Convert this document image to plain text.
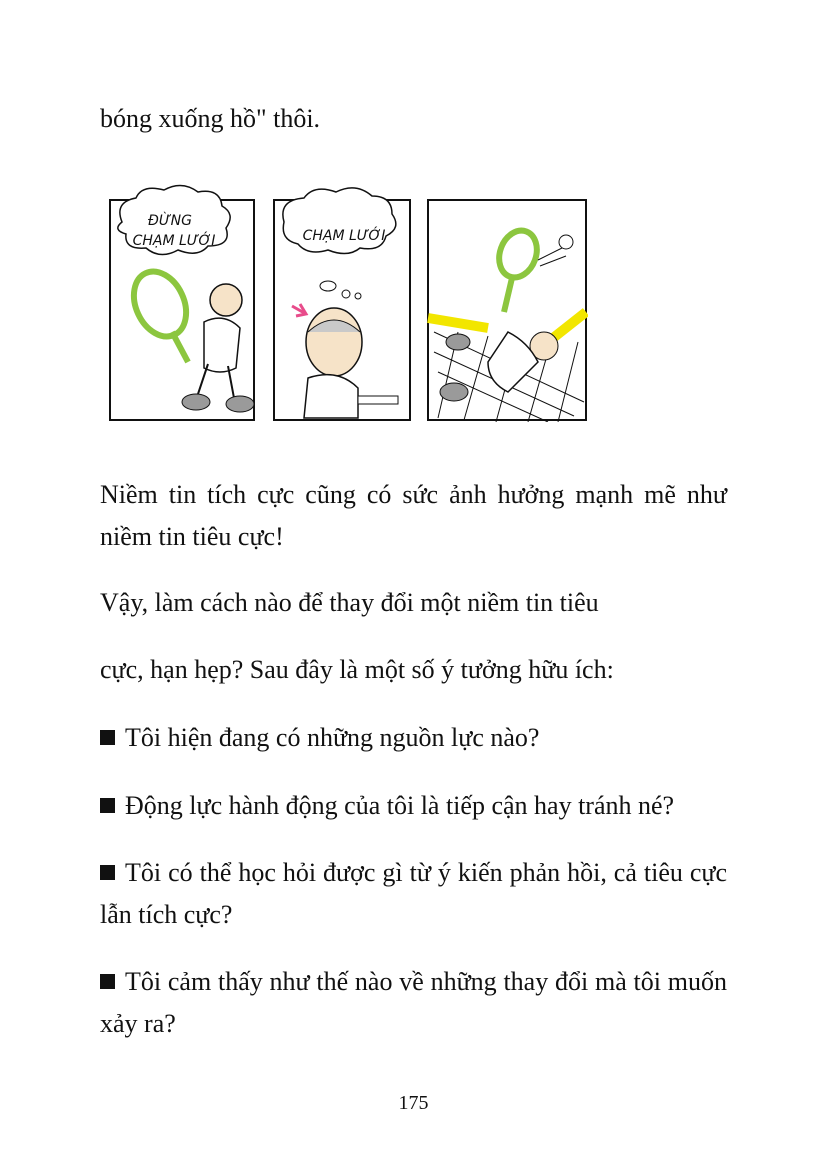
bóng xuống hồ" thôi.
ĐỪNG
CHẠM LƯỚI	CHẠM LƯỚI
Niềm tin tích cực cũng có sức ảnh hưởng mạnh mẽ như niềm tin tiêu cực!
Vậy, làm cách nào để thay đổi một niềm tin tiêu
cực, hạn hẹp? Sau đây là một số ý tưởng hữu ích:
Tôi hiện đang có những nguồn lực nào?
Động lực hành động của tôi là tiếp cận hay tránh né?
Tôi có thể học hỏi được gì từ ý kiến phản hồi, cả tiêu cực lẫn tích cực?
Tôi cảm thấy như thế nào về những thay đổi mà tôi muốn xảy ra?
175
